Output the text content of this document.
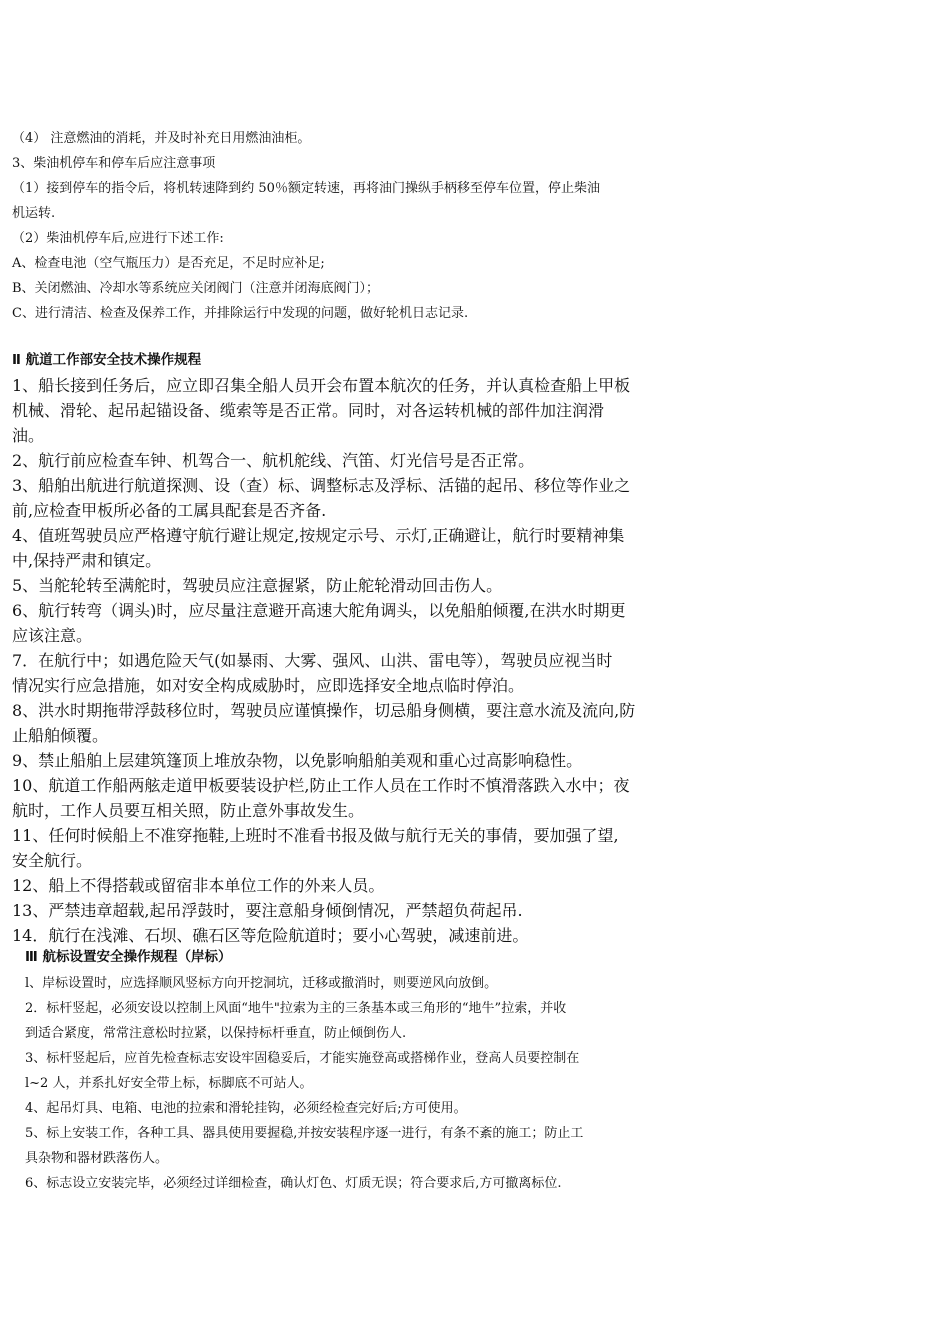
（4） 注意燃油的消耗，并及时补充日用燃油油柜。
3、柴油机停车和停车后应注意事项
（1）接到停车的指令后，将机转速降到约 50％额定转速，再将油门操纵手柄移至停车位置，停止柴油
机运转.
（2）柴油机停车后,应进行下述工作:
A、检查电池（空气瓶压力）是否充足，不足时应补足;
B、关闭燃油、冷却水等系统应关闭阀门（注意并闭海底阀门）；
C、进行清洁、检查及保养工作，并排除运行中发现的问题，做好轮机日志记录.
Ⅱ 航道工作部安全技术操作规程
1、船长接到任务后，应立即召集全船人员开会布置本航次的任务，并认真检查船上甲板
机械、滑轮、起吊起锚设备、缆索等是否正常。同时，对各运转机械的部件加注润滑
油。
2、航行前应检查车钟、机驾合一、航机舵线、汽笛、灯光信号是否正常。
3、船舶出航进行航道探测、设（查）标、调整标志及浮标、活锚的起吊、移位等作业之
前,应检查甲板所必备的工属具配套是否齐备.
4、值班驾驶员应严格遵守航行避让规定,按规定示号、示灯,正确避让，航行时要精神集
中,保持严肃和镇定。
5、当舵轮转至满舵时，驾驶员应注意握紧，防止舵轮滑动回击伤人。
6、航行转弯（调头)时，应尽量注意避开高速大舵角调头，以免船舶倾覆,在洪水时期更
应该注意。
7．在航行中；如遇危险天气(如暴雨、大雾、强风、山洪、雷电等），驾驶员应视当时
情况实行应急措施，如对安全构成威胁时，应即选择安全地点临时停泊。
8、洪水时期拖带浮鼓移位时，驾驶员应谨慎操作，切忌船身侧横，要注意水流及流向,防
止船舶倾覆。
9、禁止船舶上层建筑篷顶上堆放杂物，以免影响船舶美观和重心过高影响稳性。
10、航道工作船两舷走道甲板要装设护栏,防止工作人员在工作时不慎滑落跌入水中；夜
航时，工作人员要互相关照，防止意外事故发生。
11、任何时候船上不准穿拖鞋,上班时不准看书报及做与航行无关的事倩，要加强了望,
安全航行。
12、船上不得搭载或留宿非本单位工作的外来人员。
13、严禁违章超载,起吊浮鼓时，要注意船身倾倒情况，严禁超负荷起吊.
14．航行在浅滩、石坝、礁石区等危险航道时；要小心驾驶，减速前进。
Ⅲ 航标设置安全操作规程（岸标）
l、岸标设置时，应选择顺风竖标方向开挖洞坑，迁移或撤消时，则要逆风向放倒。
2．标杆竖起，必须安设以控制上风面“地牛"拉索为主的三条基本或三角形的“地牛”拉索，并收
到适合紧度，常常注意松时拉紧，以保持标杆垂直，防止倾倒伤人.
3、标杆竖起后，应首先检查标志安设牢固稳妥后，才能实施登高或搭梯作业，登高人员要控制在
l~2 人，并系扎好安全带上标，标脚底不可站人。
4、起吊灯具、电箱、电池的拉索和滑轮挂钩，必须经检查完好后;方可使用。
5、标上安装工作，各种工具、器具使用要握稳,并按安装程序逐一进行，有条不紊的施工；防止工
具杂物和器材跌落伤人。
6、标志设立安装完毕，必须经过详细检查，确认灯色、灯质无误；符合要求后,方可撤离标位.
